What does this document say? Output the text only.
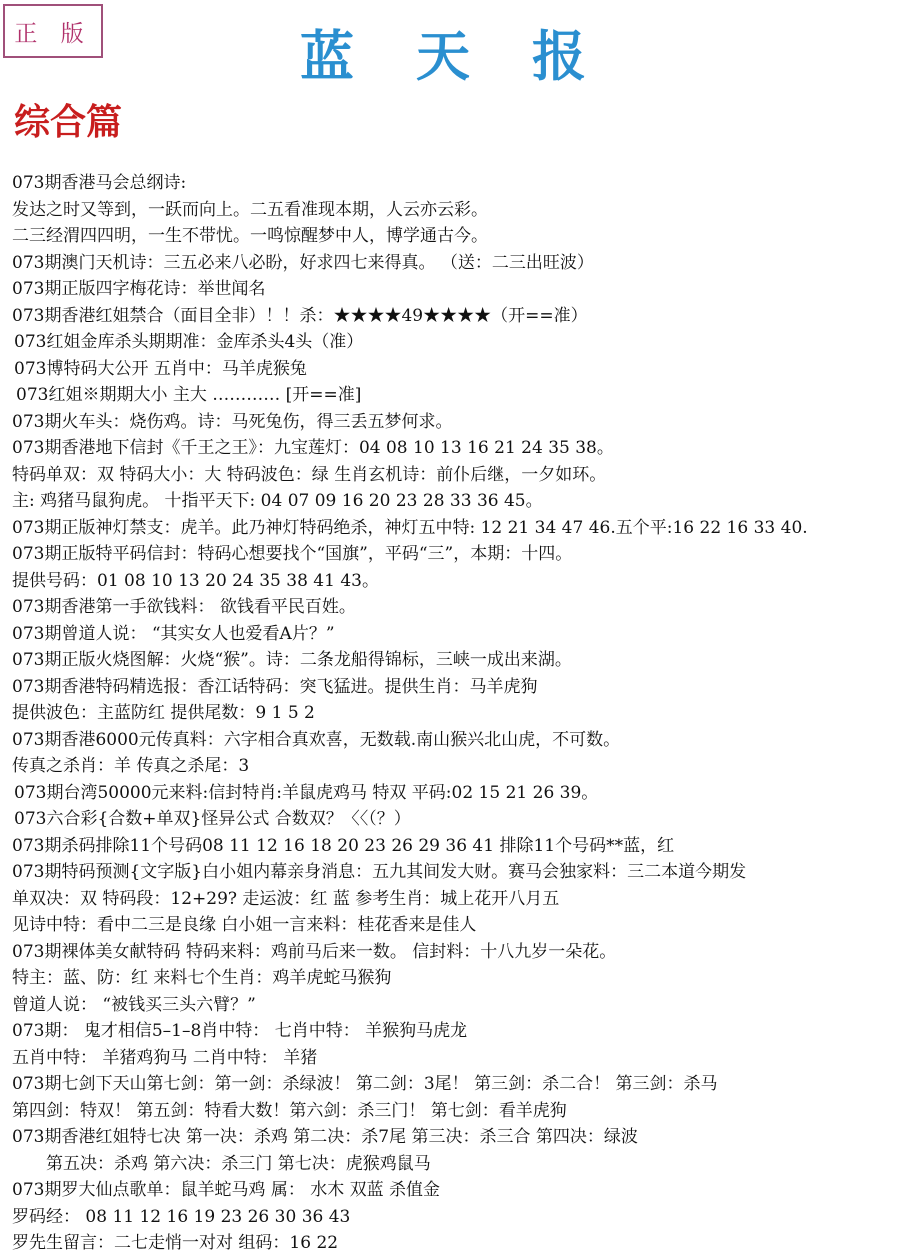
正 版	蓝天报
综合篇
073期香港马会总纲诗:
发达之时又等到，一跃而向上。二五看准现本期，人云亦云彩。
二三经渭四四明，一生不带忧。一鸣惊醒梦中人，博学通古今。
073期澳门天机诗：三五必来八必盼，好求四七来得真。 （送：二三出旺波）
073期正版四字梅花诗：举世闻名
073期香港红姐禁合（面目全非）！！杀：★★★★49★★★★（开==准）
073红姐金库杀头期期准：金库杀头4头（准）
073博特码大公开 五肖中：马羊虎猴兔
073红姐※期期大小 主大 ………… [开==准]
073期火车头：烧伤鸡。诗：马死兔伤，得三丢五梦何求。
073期香港地下信封《千王之王》：九宝莲灯：04 08 10 13 16 21 24 35 38。
特码单双：双 特码大小：大 特码波色：绿 生肖玄机诗：前仆后继，一夕如环。
主: 鸡猪马鼠狗虎。 十指平天下: 04 07 09 16 20 23 28 33 36 45。
073期正版神灯禁支：虎羊。此乃神灯特码绝杀，神灯五中特: 12 21 34 47 46.五个平:16 22 16 33 40.
073期正版特平码信封：特码心想要找个“国旗”，平码“三”，本期：十四。
提供号码：01 08 10 13 20 24 35 38 41 43。
073期香港第一手欲钱料： 欲钱看平民百姓。
073期曾道人说： “其实女人也爱看A片？”
073期正版火烧图解：火烧“猴”。诗：二条龙船得锦标，三峡一成出来湖。
073期香港特码精选报：香江话特码：突飞猛进。提供生肖：马羊虎狗
提供波色：主蓝防红 提供尾数：9 1 5 2
073期香港6000元传真料：六字相合真欢喜，无数载.南山猴兴北山虎，不可数。
传真之杀肖：羊 传真之杀尾：3
073期台湾50000元来料:信封特肖:羊鼠虎鸡马 特双 平码:02 15 21 26 39。
073六合彩{合数+单双}怪异公式 合数双？〈〈（？）
073期杀码排除11个号码08 11 12 16 18 20 23 26 29 36 41 排除11个号码**蓝，红
073期特码预测{文字版}白小姐内幕亲身消息：五九其间发大财。赛马会独家料：三二本道今期发
单双决：双 特码段：12+29? 走运波：红 蓝 参考生肖：城上花开八月五
见诗中特：看中二三是良缘 白小姐一言来料：桂花香来是佳人
073期裸体美女献特码 特码来料：鸡前马后来一数。 信封料：十八九岁一朵花。
特主：蓝、防：红 来料七个生肖：鸡羊虎蛇马猴狗
曾道人说： “被钱买三头六臂？”
073期： 鬼才相信5–1–8肖中特： 七肖中特： 羊猴狗马虎龙
五肖中特： 羊猪鸡狗马 二肖中特： 羊猪
073期七剑下天山第七剑：第一剑：杀绿波！ 第二剑：3尾！ 第三剑：杀二合！ 第三剑：杀马
第四剑：特双！ 第五剑：特看大数！第六剑：杀三门！ 第七剑：看羊虎狗
073期香港红姐特七决 第一决：杀鸡 第二决：杀7尾 第三决：杀三合 第四决：绿波
第五决：杀鸡 第六决：杀三门 第七决：虎猴鸡鼠马
073期罗大仙点歌单：鼠羊蛇马鸡 属： 水木 双蓝 杀值金
罗码经： 08 11 12 16 19 23 26 30 36 43
罗先生留言：二七走悄一对对 组码：16 22
